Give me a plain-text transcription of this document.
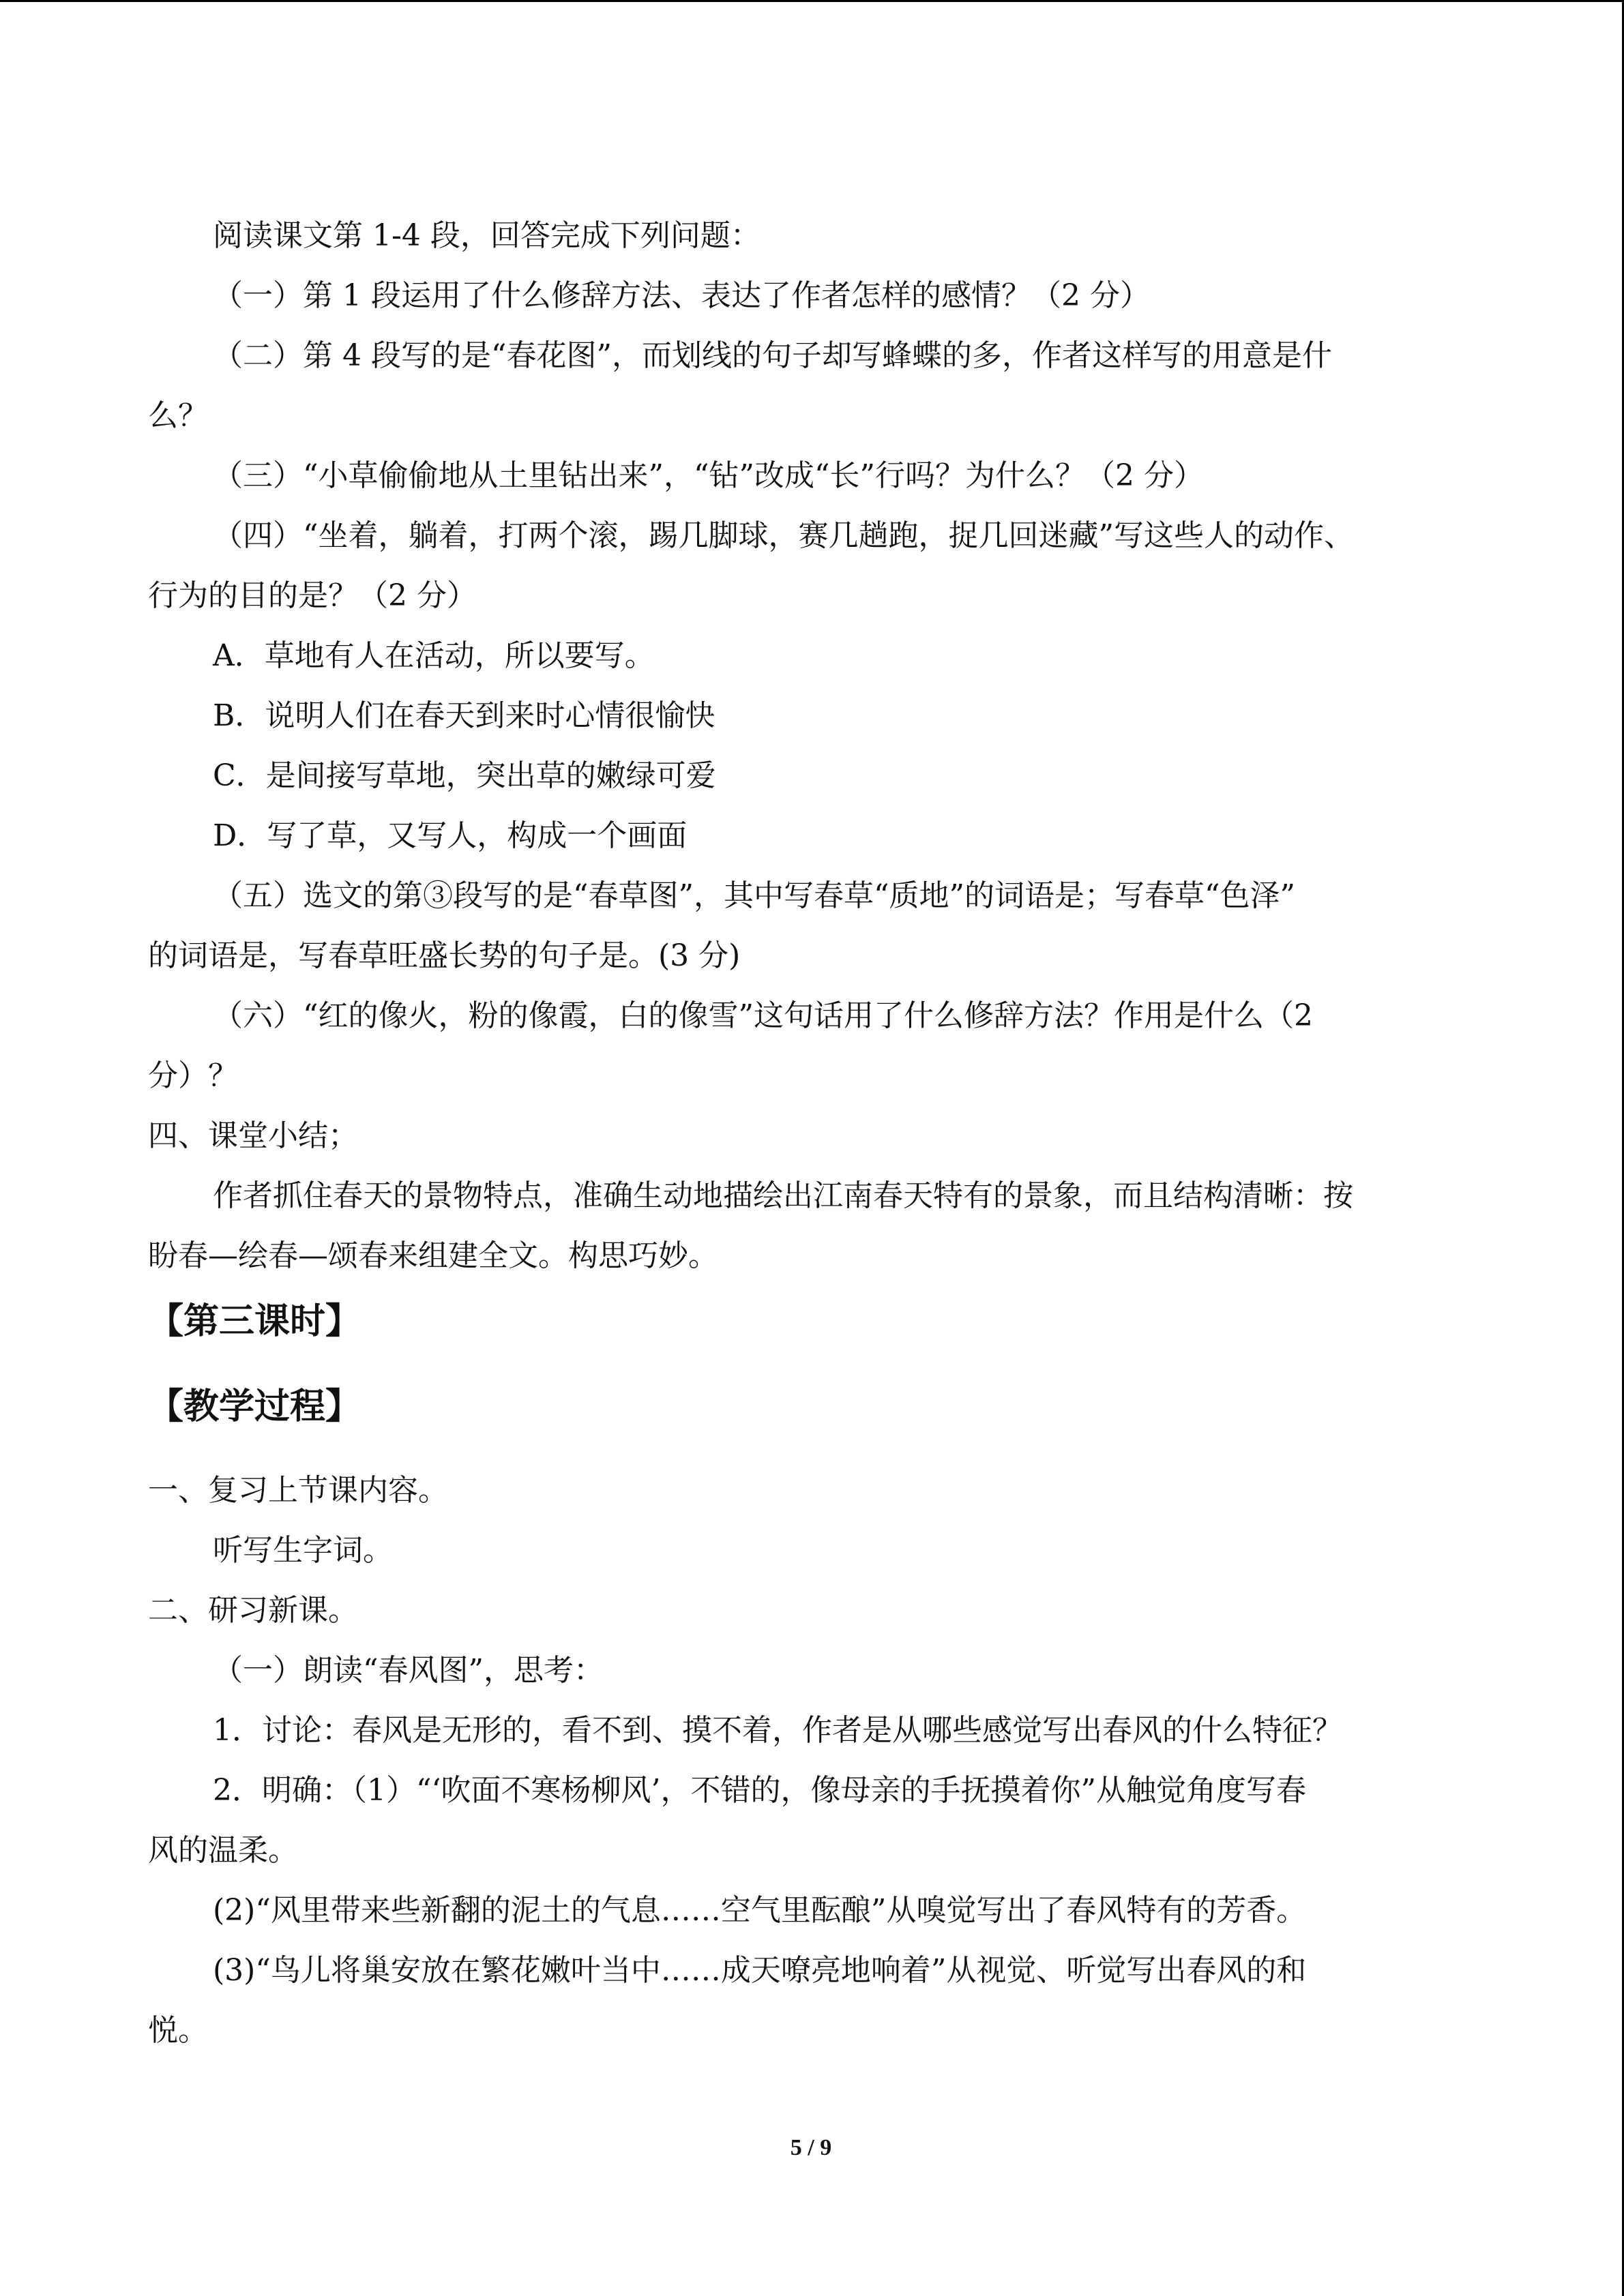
阅读课文第 1-4 段，回答完成下列问题：
（一）第 1 段运用了什么修辞方法、表达了作者怎样的感情？（2 分）
（二）第 4 段写的是“春花图”，而划线的句子却写蜂蝶的多，作者这样写的用意是什
么？
（三）“小草偷偷地从土里钻出来”，“钻”改成“长”行吗？为什么？（2 分）
（四）“坐着，躺着，打两个滚，踢几脚球，赛几趟跑，捉几回迷藏”写这些人的动作、
行为的目的是？（2 分）
A．草地有人在活动，所以要写。
B．说明人们在春天到来时心情很愉快
C．是间接写草地，突出草的嫩绿可爱
D．写了草，又写人，构成一个画面
（五）选文的第③段写的是“春草图”，其中写春草“质地”的词语是；写春草“色泽”
的词语是，写春草旺盛长势的句子是。(3 分)
（六）“红的像火，粉的像霞，白的像雪”这句话用了什么修辞方法？作用是什么（2
分）？
四、课堂小结；
作者抓住春天的景物特点，准确生动地描绘出江南春天特有的景象，而且结构清晰：按
盼春—绘春—颂春来组建全文。构思巧妙。
【第三课时】
【教学过程】
一、复习上节课内容。
听写生字词。
二、研习新课。
（一）朗读“春风图”，思考：
1．讨论：春风是无形的，看不到、摸不着，作者是从哪些感觉写出春风的什么特征？
2．明确：（1）“‘吹面不寒杨柳风’，不错的，像母亲的手抚摸着你”从触觉角度写春
风的温柔。
(2)“风里带来些新翻的泥土的气息……空气里酝酿”从嗅觉写出了春风特有的芳香。
(3)“鸟儿将巢安放在繁花嫩叶当中……成天嘹亮地响着”从视觉、听觉写出春风的和
悦。
5 / 9
